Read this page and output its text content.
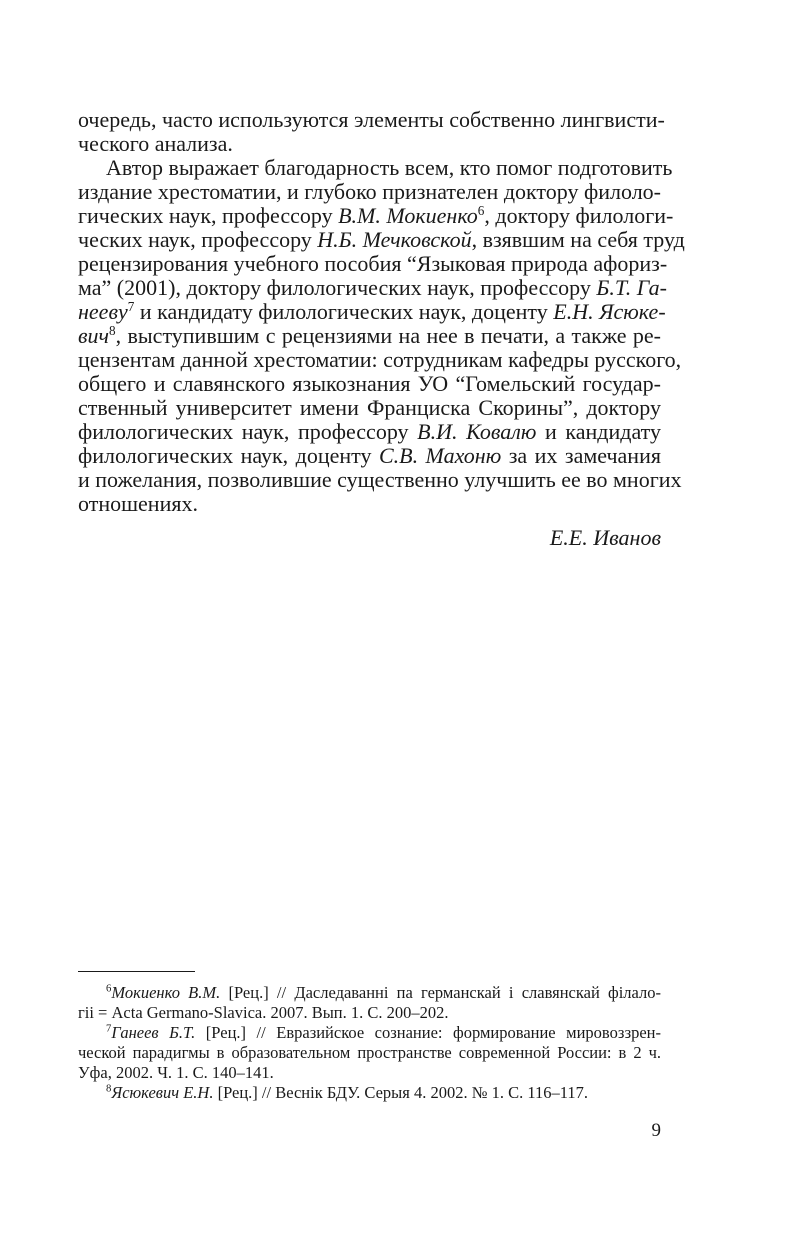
очередь, часто используются элементы собственно лингвисти-
ческого анализа.
Автор выражает благодарность всем, кто помог подготовить
издание хрестоматии, и глубоко признателен доктору филоло-
гических наук, профессору В.М. Мокиенко$^6$, доктору филологи-
ческих наук, профессору Н.Б. Мечковской, взявшим на себя труд
рецензирования учебного пособия “Языковая природа афориз-
ма” (2001), доктору филологических наук, профессору Б.Т. Га-
нееву$^7$ и кандидату филологических наук, доценту Е.Н. Ясюке-
вич$^8$, выступившим с рецензиями на нее в печати, а также ре-
цензентам данной хрестоматии: сотрудникам кафедры русского,
общего и славянского языкознания УО “Гомельский государ-
ственный университет имени Франциска Скорины”, доктору
филологических наук, профессору В.И. Ковалю и кандидату
филологических наук, доценту С.В. Махоню за их замечания
и пожелания, позволившие существенно улучшить ее во многих
отношениях.
Е.Е. Иванов
$^6$Мокиенко В.М. [Рец.] // Даследаванні па германскай і славянскай філало-
гіі = Acta Germano-Slavica. 2007. Вып. 1. С. 200–202.
$^7$Ганеев Б.Т. [Рец.] // Евразийское сознание: формирование мировоззрен-
ческой парадигмы в образовательном пространстве современной России: в 2 ч.
Уфа, 2002. Ч. 1. С. 140–141.
$^8$Ясюкевич Е.Н. [Рец.] // Веснік БДУ. Серыя 4. 2002. № 1. С. 116–117.
9
